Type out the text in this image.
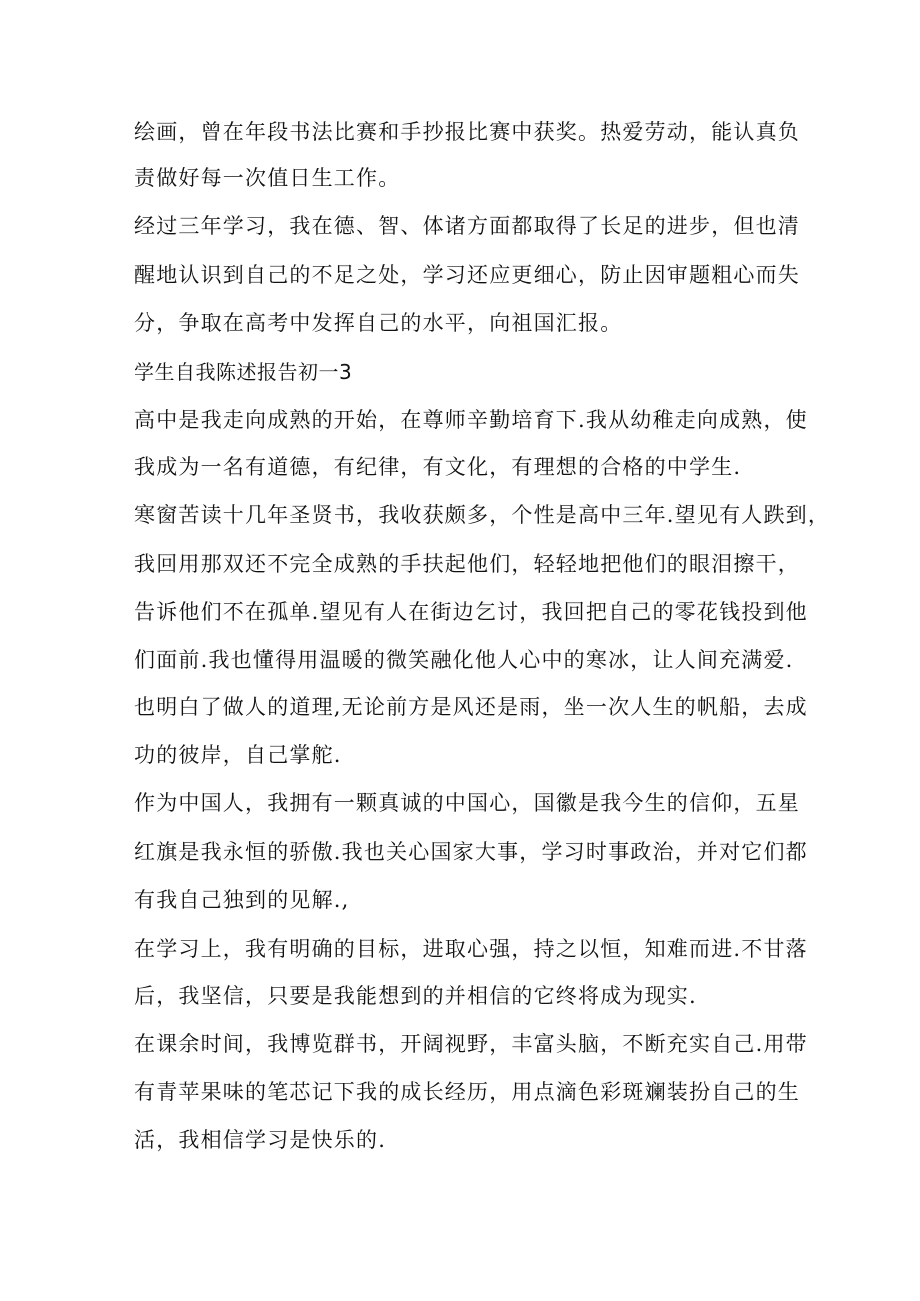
绘画，曾在年段书法比赛和手抄报比赛中获奖。热爱劳动，能认真负
责做好每一次值日生工作。
经过三年学习，我在德、智、体诸方面都取得了长足的进步，但也清
醒地认识到自己的不足之处，学习还应更细心，防止因审题粗心而失
分，争取在高考中发挥自己的水平，向祖国汇报。
学生自我陈述报告初一3
高中是我走向成熟的开始，在尊师辛勤培育下.我从幼稚走向成熟，使
我成为一名有道德，有纪律，有文化，有理想的合格的中学生.
寒窗苦读十几年圣贤书，我收获颇多，个性是高中三年.望见有人跌到，
我回用那双还不完全成熟的手扶起他们，轻轻地把他们的眼泪擦干，
告诉他们不在孤单.望见有人在街边乞讨，我回把自己的零花钱投到他
们面前.我也懂得用温暖的微笑融化他人心中的寒冰，让人间充满爱.
也明白了做人的道理,无论前方是风还是雨，坐一次人生的帆船，去成
功的彼岸，自己掌舵.
作为中国人，我拥有一颗真诚的中国心，国徽是我今生的信仰，五星
红旗是我永恒的骄傲.我也关心国家大事，学习时事政治，并对它们都
有我自己独到的见解.,
在学习上，我有明确的目标，进取心强，持之以恒，知难而进.不甘落
后，我坚信，只要是我能想到的并相信的它终将成为现实.
在课余时间，我博览群书，开阔视野，丰富头脑，不断充实自己.用带
有青苹果味的笔芯记下我的成长经历，用点滴色彩斑斓装扮自己的生
活，我相信学习是快乐的.
